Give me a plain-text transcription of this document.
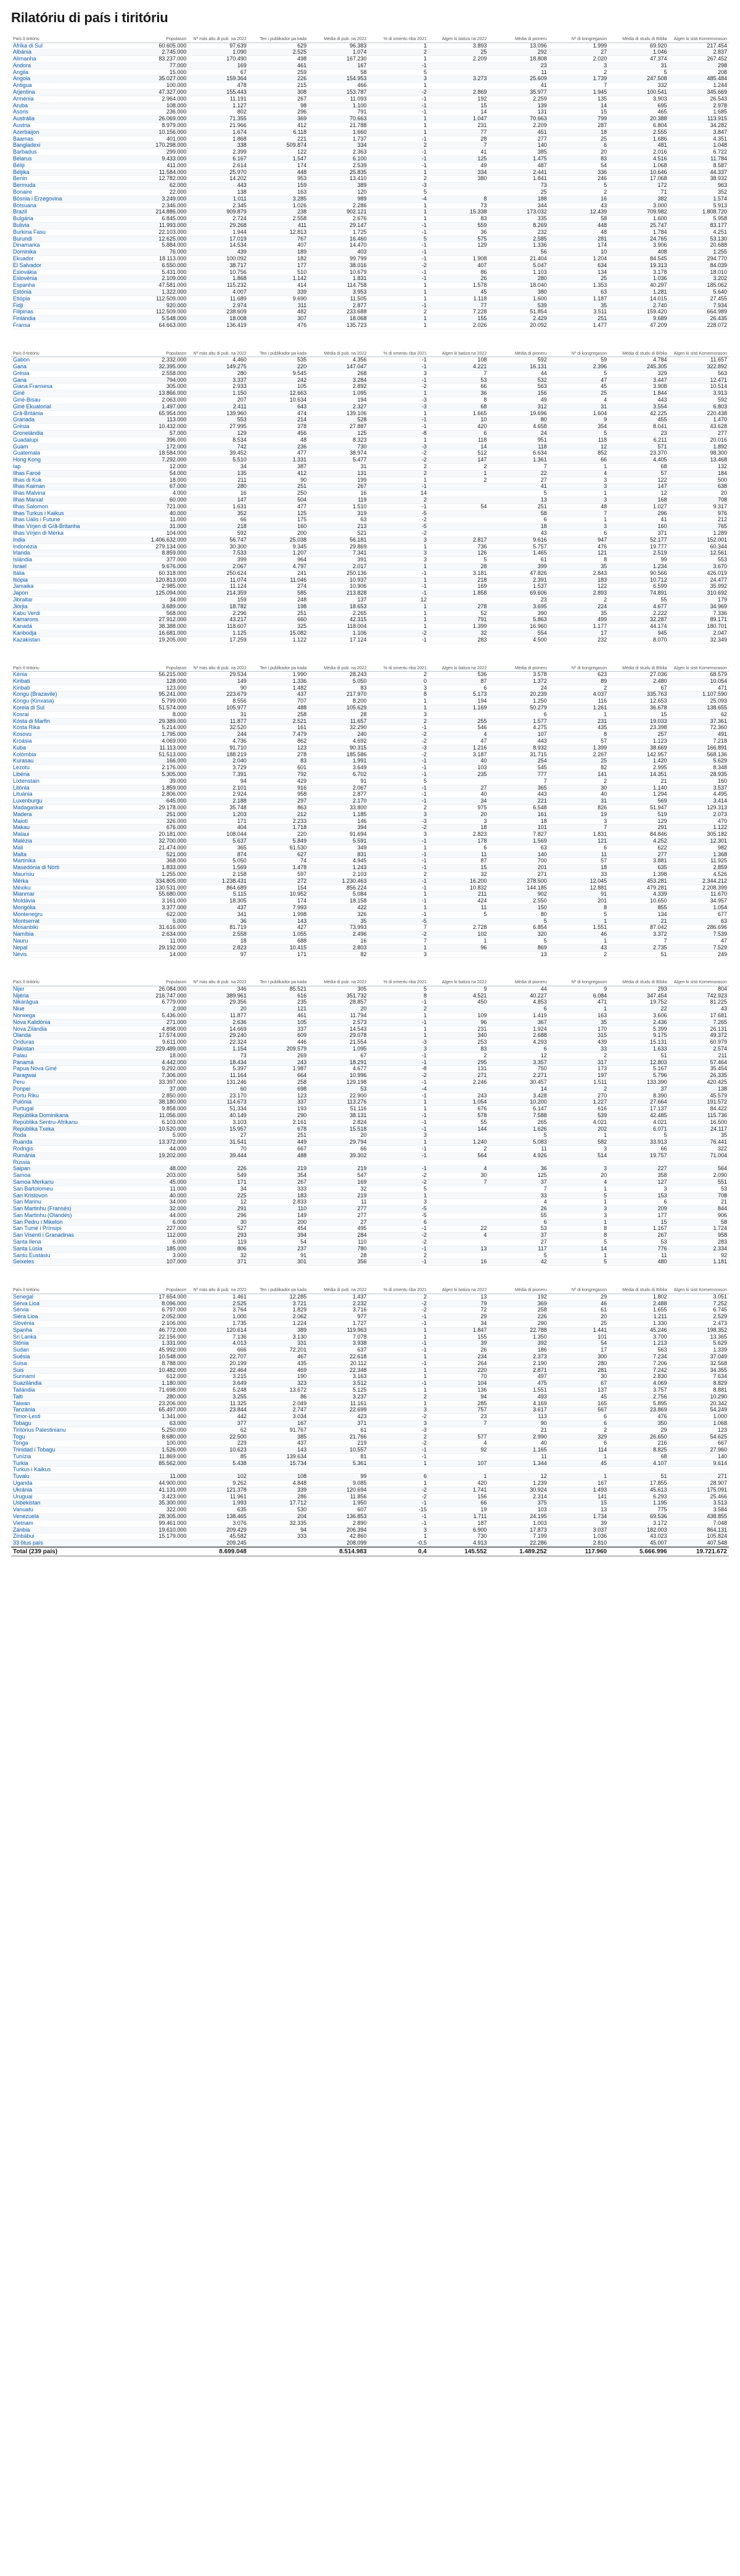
Rilatóriu di país i tiritóriu
País ô tiritóriu	Populason	Nº más altu di pub. na 2022	Ten i publikador pa kada	Média di pub. na 2022	% di omentu riba 2021	Algen ki batiza na 2022	Média di pioneru	Nº di kongregason	Média di studu di Bíblia	Algen ki sisti Komemorason
Áfrika di Sul	60.605.000	97.639	629	96.383	1	3.893	13.096	1.999	69.920	217.454
Albánia	2.745.000	1.090	2.525	1.074	2	25	292	27	1.046	2.837
Alimanha	83.237.000	170.490	498	167.230	1	2.209	18.808	2.020	47.374	267.452
Andora	77.000	169	461	167	-1		23	3	31	298
Angila	15.000	67	259	58	5		11	2	5	208
Angola	35.027.000	159.364	226	154.953	3	3.273	25.609	1.739	247.508	485.484
Antigua	100.000	478	215	466	1		41	7	332	1.244
Arjentina	47.327.000	155.443	308	153.787	-2	2.869	35.977	1.945	100.541	345.669
Arménia	2.964.000	11.191	267	11.093	-1	192	2.259	135	3.903	26.543
Aruba	108.000	1.127	98	1.100	-1	15	139	14	695	2.978
Asoris	236.000	802	296	791	-1	14	131	15	465	1.685
Austrália	26.069.000	71.355	369	70.663	1	1.047	70.663	799	20.388	113.915
Áustria	8.979.000	21.966	412	21.788	1	231	2.209	287	6.804	34.282
Azerbaijon	10.156.000	1.674	6.118	1.660	1	77	451	18	2.555	3.847
Baamas	401.000	1.868	221	1.737	-1	28	277	25	1.686	4.351
Bangladexi	170.298.000	338	509.874	334	2	7	140	6	481	1.048
Barbadus	299.000	2.399	122	2.363	-1	41	385	20	2.016	6.722
Belarus	9.433.000	6.167	1.547	6.100	-1	125	1.475	83	4.516	11.784
Béliji	411.000	2.614	174	2.539	-1	49	487	54	1.068	8.587
Béljika	11.584.000	25.970	448	25.835	1	334	2.441	336	10.646	44.337
Benin	12.782.000	14.202	953	13.410	2	380	1.841	246	17.068	38.932
Bermuda	62.000	443	159	389	-3		73	5	172	963
Bonaire	22.000	138	163	120	5		25	2	71	352
Bósnia i Erzegovina	3.249.000	1.011	3.285	989	-4	8	188	16	382	1.574
Botsuana	2.346.000	2.345	1.026	2.286	1	73	344	43	3.000	5.913
Brazil	214.886.000	909.879	238	902.121	1	15.338	173.032	12.439	709.982	1.808.720
Bulgária	6.845.000	2.724	2.558	2.676	1	83	335	58	1.600	5.958
Bulivia	11.993.000	29.268	411	29.147	-1	559	8.269	448	25.747	83.177
Burkina Fasu	22.103.000	1.944	12.813	1.725	-1	36	232	48	1.784	4.251
Burundi	12.625.000	17.019	767	16.460	5	575	2.585	281	24.765	53.130
Dinamarka	5.884.000	14.534	407	14.470	-1	129	1.336	174	3.906	20.688
Dominika	76.000	439	189	403	-1		56	10	408	1.255
Ekuador	18.113.000	100.092	182	99.799	-1	1.908	21.404	1.204	84.545	294.770
El Salvador	6.550.000	38.717	177	38.016	-2	407	5.047	634	19.313	84.039
Eslovákia	5.431.000	10.756	510	10.679	-1	86	1.103	134	3.178	18.010
Eslovénia	2.109.000	1.868	1.142	1.831	-1	26	280	25	1.036	3.202
Espanha	47.581.000	115.232	414	114.758	1	1.578	18.040	1.353	40.297	185.062
Estónia	1.322.000	4.007	339	3.953	1	45	380	63	1.281	5.640
Etiópia	112.509.000	11.689	9.690	11.505	1	1.118	1.600	1.187	14.015	27.455
Fidji	920.000	2.974	311	2.877	-1	77	539	35	2.740	7.934
Filipinas	112.509.000	238.609	482	233.688	2	7.228	51.854	3.511	159.420	664.989
Finlándia	5.548.000	18.008	307	18.068	1	155	2.429	251	9.689	26.435
Fransa	64.663.000	136.419	476	135.723	1	2.026	20.092	1.477	47.209	228.072
País ô tiritóriu	Populason	Nº más altu di pub. na 2022	Ten i publikador pa kada	Média di pub. na 2022	% di omentu riba 2021	Algen ki batiza na 2022	Média di pioneru	Nº di kongregason	Média di studu di Bíblia	Algen ki sisti Komemorason
Gabon	2.332.000	4.460	535	4.356	-1	108	592	59	4.784	11.657
Gana	32.395.000	149.275	220	147.047	-1	4.221	16.131	2.396	245.305	322.892
Grésia	2.558.000	280	9.545	268	3	7	44	5	329	563
Gana	794.000	3.337	242	3.284	-1	53	532	47	3.447	12.471
Giana Fransesa	305.000	2.933	105	2.892	-2	66	563	45	3.908	10.514
Giné	13.866.000	1.150	12.663	1.095	1	36	156	25	1.844	3.913
Giné-Bisau	2.063.000	207	10.634	194	-3	8	49	4	443	592
Giné Ekuatorial	1.497.000	2.411	643	2.327	-3	68	312	31	3.554	6.803
Grã-Británia	65.954.000	139.960	474	139.106	1	1.665	19.696	1.604	42.225	220.438
Granada	113.000	553	214	528	-1	10	80	9	455	1.470
Grésia	10.432.000	27.995	378	27.887	-1	420	4.658	354	8.041	43.628
Gronelándia	57.000	129	456	125	-8	6	24	5	23	277
Guadalupi	396.000	8.534	48	8.323	1	118	951	118	6.211	20.016
Guam	172.000	742	236	730	-3	14	118	12	571	1.892
Guatemala	18.584.000	39.452	477	38.974	-2	512	6.634	852	23.370	98.300
Hong Kong	7.292.000	5.510	1.331	5.477	-2	147	1.361	66	4.405	13.468
Iap	12.000	34	387	31	2	2	7	1	68	132
Ilhas Faroé	54.000	135	412	131	2	1	22	4	57	184
Ilhas di Kuk	18.000	211	90	199	1	2	27	3	122	500
Ilhas Kaiman	67.000	280	251	267	-1		41	3	147	638
Ilhas Malvina	4.000	16	250	16	14		5	1	12	20
Ilhas Marxal	60.000	147	504	119	2		13	3	168	708
Ilhas Salomon	721.000	1.631	477	1.510	-1	54	251	48	1.027	9.317
Ilhas Turkus i Kaikus	40.000	352	125	319	-5		58	7	296	976
Ilhas Uális i Futune	11.000	66	175	63	-2		6	1	41	212
Ilhas Vírjen di Grã-Britanha	31.000	218	160	213	-5		18	3	160	765
Ilhas Vírjen di Mérka	104.000	592	200	521	-2		43	6	371	1.289
Índia	1.406.632.000	56.747	25.038	56.181	3	2.817	9.616	947	52.177	152.001
Indonézia	279.134.000	30.300	9.345	29.869	1	736	5.757	476	19.777	60.344
Irlanda	8.859.000	7.533	1.207	7.341	3	126	1.465	121	2.519	12.561
Islándia	377.000	399	964	391	3	5	61	8	99	553
Israel	9.676.000	2.067	4.797	2.017	1	28	399	35	1.234	3.670
Itália	60.318.000	250.624	241	250.136	-1	3.181	47.826	2.843	90.566	426.019
Itiópia	120.813.000	11.074	11.046	10.937	1	218	2.391	183	10.712	24.477
Jamaika	2.985.000	11.124	274	10.906	-1	169	1.537	122	6.599	35.992
Japon	125.094.000	214.359	585	213.828	-1	1.858	69.606	2.893	74.891	310.692
Jibraltar	34.000	159	248	137	12		23	2	55	179
Jiórjia	3.689.000	18.782	198	18.653	1	278	3.695	224	4.677	34.969
Kabu Verdi	568.000	2.296	251	2.265	1	52	390	35	2.222	7.336
Kamarons	27.912.000	43.217	660	42.315	1	791	5.863	499	32.287	89.171
Kanadá	38.388.000	118.607	325	118.004	1	1.399	16.960	1.177	44.174	180.701
Kanbodja	16.681.000	1.125	15.082	1.106	-2	32	554	17	945	2.047
Kazakistan	19.205.000	17.259	1.122	17.124	-1	283	4.500	232	8.070	32.349
País ô tiritóriu	Populason	Nº más altu di pub. na 2022	Ten i publikador pa kada	Média di pub. na 2022	% di omentu riba 2021	Algen ki batiza na 2022	Média di pioneru	Nº di kongregason	Média di studu di Bíblia	Algen ki sisti Komemorason
Kénia	56.215.000	29.534	1.990	28.243	2	536	3.578	623	27.036	68.579
Kiribati	128.000	149	1.336	5.050	0	87	1.372	89	2.480	10.054
Kiribati	123.000	90	1.482	83	3	6	24	2	67	471
Kongu (Brazavile)	95.241.000	223.679	437	217.970	8	5.173	20.239	4.037	335.763	1.107.590
Kongu (Kinxasa)	5.799.000	8.556	707	8.200	1	194	1.250	116	12.653	25.093
Koreia di Sul	51.574.000	105.977	488	105.629	1	1.169	50.279	1.261	36.678	138.655
Kosrai	8.000	31	258	28	3		6	1	15	62
Kósta di Marfin	29.389.000	11.877	2.521	11.657	2	255	1.577	231	19.033	37.361
Kósta Rika	5.214.000	32.520	161	32.290	-1	546	4.275	435	23.398	72.360
Kosovu	1.795.000	244	7.479	240	-2	4	107	8	257	491
Kroásia	4.069.000	4.736	862	4.692	-2	47	443	57	1.123	7.218
Kuba	11.113.000	91.710	123	90.315	-3	1.216	8.932	1.399	38.669	166.891
Kolómbia	51.513.000	188.219	278	185.586	-2	3.187	31.715	2.267	142.957	568.136
Kurasau	166.000	2.040	83	1.991	-1	40	254	25	1.420	5.629
Lezotu	2.176.000	3.729	601	3.649	-1	103	545	82	2.995	8.348
Libéria	5.305.000	7.391	792	6.702	-1	235	777	141	14.351	28.935
Lixtenstain	39.000	94	429	91	5		7	2	21	160
Litónia	1.859.000	2.101	916	2.067	-1	27	365	30	1.140	3.537
Lituánia	2.806.000	2.924	958	2.877	-1	40	443	40	1.294	4.495
Luxenburgu	645.000	2.188	297	2.170	-1	34	221	31	569	3.414
Madagaskar	29.178.000	35.748	863	33.800	2	975	6.548	826	51.947	129.313
Madera	251.000	1.203	212	1.185	3	20	161	19	519	2.073
Maioti	326.000	171	2.233	146	-3	3	18	3	129	470
Makau	676.000	404	1.718	394	-2	18	101	7	291	1.122
Malaui	20.181.000	108.044	220	91.694	3	2.823	7.827	1.831	84.846	305.182
Malézia	32.700.000	5.637	5.849	5.591	-1	178	1.569	121	4.252	12.301
Mali	21.474.000	365	61.530	349	1	6	63	6	622	982
Malta	521.000	874	627	831	-1	11	140	11	277	1.368
Martinika	368.000	5.050	74	4.945	-1	87	700	57	3.881	11.925
Masedónia di Nórti	1.833.000	1.569	1.478	1.243	-1	15	201	18	635	2.859
Maurísiu	1.255.000	2.158	597	2.103	2	32	271	33	1.398	4.526
Mérka	334.805.000	1.238.431	272	1.230.463	-1	16.200	278.500	12.045	453.281	2.344.212
Méxiku	130.531.000	864.689	154	856.224	-1	10.832	144.185	12.881	479.281	2.208.399
Mianmar	55.680.000	5.115	10.952	5.084	1	211	902	91	4.339	11.670
Moldávia	3.161.000	18.305	174	18.158	-1	424	2.550	201	10.650	34.957
Mongólia	3.377.000	437	7.993	422	1	11	150	8	855	1.054
Montenegru	622.000	341	1.998	326	-1	5	80	5	134	677
Montserrat	5.000	36	143	35	-5		5	1	21	63
Mosanbiki	31.616.000	81.719	427	73.993	7	2.728	6.854	1.551	87.042	286.696
Namíbia	2.634.000	2.558	1.055	2.496	-2	102	320	46	3.372	7.539
Nauru	11.000	18	688	16	7	1	5	1	7	47
Nepal	29.192.000	2.823	10.415	2.803	1	96	869	43	2.735	7.529
Névis	14.000	97	171	82	3		13	2	51	249
País ô tiritóriu	Populason	Nº más altu di pub. na 2022	Ten i publikador pa kada	Média di pub. na 2022	% di omentu riba 2021	Algen ki batiza na 2022	Média di pioneru	Nº di kongregason	Média di studu di Bíblia	Algen ki sisti Komemorason
Nijer	26.084.000	346	85.521	305	5	9	44	9	293	804
Nijéria	216.747.000	389.961	616	351.732	8	4.521	40.227	6.084	347.454	742.923
Nikarágua	6.779.000	29.356	235	28.857	-1	450	4.853	471	19.752	81.225
Niue	2.000	20	121	20	2		6	1	22	43
Norwega	5.436.000	11.877	461	11.794	1	109	1.419	163	3.606	17.681
Nova Kalidónia	271.000	2.636	105	2.573	-1	96	367	35	2.436	7.265
Nova Zilándia	4.898.000	14.669	337	14.543	1	231	1.924	170	5.399	26.131
Ólanda	17.574.000	29.240	609	29.078	1	340	2.688	315	9.175	49.372
Onduras	9.611.000	22.324	446	21.554	-3	253	4.293	439	15.131	60.979
Pakistan	229.489.000	1.154	209.579	1.095	3	83	6	33	1.633	2.574
Palau	18.000	73	269	67	-1	2	12	2	51	211
Panamá	4.442.000	18.434	243	18.291	-1	295	3.357	317	12.803	57.464
Papua Nova Giné	9.292.000	5.397	1.987	4.677	-8	131	750	173	5.167	35.454
Paragwai	7.306.000	11.164	664	10.996	-2	271	2.271	197	5.796	26.335
Peru	33.397.000	131.246	258	129.198	-1	2.246	30.457	1.511	133.390	420.425
Ponpei	37.000	60	698	53	-4		14	2	37	138
Portu Riku	2.850.000	23.170	123	22.900	-1	243	3.428	270	8.390	45.579
Pulónia	38.180.000	114.673	337	113.276	1	1.054	10.200	1.227	27.664	191.572
Purtugal	9.858.000	51.334	193	51.116	1	676	6.147	616	17.137	84.422
Repúblika Dominikana	11.056.000	40.149	290	38.131	-1	578	7.588	539	42.485	115.736
Repúblika Sentru-Afrikanu	6.103.000	3.103	2.161	2.824	-1	55	265	4.021	4.021	16.500
Repúblika Txeka	10.520.000	15.957	678	15.518	-1	144	1.626	202	6.071	24.117
Roda	5.000	27	251	20	3		5	1	5	35
Ruanda	13.372.000	31.541	449	29.794	1	1.240	5.083	582	33.913	76.441
Rodrigis	44.000	70	667	66	-1	2	11	3	66	322
Rumánia	19.202.000	39.444	488	39.302	-1	564	4.926	514	19.757	71.004
Rússia										
Saipan	48.000	226	219	219	-1	4	36	3	227	564
Samoa	203.000	549	354	547	-2	30	125	20	358	2.090
Samoa Merkanu	45.000	171	267	169	-2	7	37	4	127	551
San Bartolomeu	11.000	34	333	32	5		7	1	3	53
San Kristovon	40.000	225	183	219	1		33	5	153	708
San Marinu	34.000	12	2.833	11	3		4	1	6	21
San Martinhu (Fransés)	32.000	291	110	277	-5		26	3	209	844
San Martinhu (Olandés)	44.000	296	149	277	-5		55	3	177	906
San Pedru i Mikelon	6.000	30	200	27	6		6	1	15	58
San Tumé i Prínsipi	227.000	527	454	495	-1	22	53	8	1.167	1.724
San Visenti i Granadinas	112.000	293	394	284	-2	4	37	8	267	958
Santa Ilena	6.000	119	54	110	-2		27	5	53	283
Santa Lúsia	185.000	806	237	780	-1	13	117	14	776	2.334
Santu Eustásiu	3.000	32	91	28	2		5	1	11	92
Seixeles	107.000	371	301	356	-1	16	42	5	480	1.181
País ô tiritóriu	Populason	Nº más altu di pub. na 2022	Ten i publikador pa kada	Média di pub. na 2022	% di omentu riba 2021	Algen ki batiza na 2022	Média di pioneru	Nº di kongregason	Média di studu di Bíblia	Algen ki sisti Komemorason
Senegal	17.654.000	1.461	12.285	1.437	2	13	192	29	1.802	3.051
Sérva Lioa	8.096.000	2.525	3.721	2.232	-2	79	369	46	2.488	7.252
Sérvia	6.797.000	3.764	1.829	3.716	-2	72	258	61	1.655	6.745
Siéra Lioa	2.052.000	1.000	2.062	977	-1	29	226	20	1.211	2.529
Slovénia	2.106.000	1.735	1.224	1.727	-1	34	290	25	1.330	2.473
Spanha	46.772.000	120.614	389	119.963	1	1.847	22.788	1.441	45.246	198.352
Sri Lanka	22.156.000	7.136	3.130	7.078	1	155	1.350	101	3.700	13.365
Stónia	1.331.000	4.013	331	3.938	-1	39	392	54	1.213	5.629
Sudan	45.992.000	666	72.201	637	-1	26	186	17	563	1.339
Suésia	10.548.000	22.707	467	22.618	1	234	2.373	300	7.234	37.049
Suisa	8.788.000	20.199	435	20.112	-1	264	2.190	280	7.206	32.568
Suis	10.482.000	22.464	469	22.348	1	220	2.871	281	7.242	34.355
Surinami	612.000	3.215	190	3.163	1	70	497	30	2.830	7.634
Suazilándia	1.180.000	3.649	323	3.512	-1	104	475	67	4.069	8.829
Tailándia	71.698.000	5.248	13.672	5.125	1	136	1.551	137	3.757	8.881
Taiti	280.000	3.255	86	3.237	2	94	493	45	2.756	10.290
Taiwan	23.206.000	11.325	2.049	11.161	1	285	4.169	165	5.895	20.342
Tanzánia	65.497.000	23.844	2.747	22.699	3	757	3.617	567	23.869	54.249
Timor-Lesti	1.341.000	442	3.034	423	-2	23	113	6	476	1.000
Tobagu	63.000	377	167	371	3	7	90	6	350	1.068
Tiritórius Palestinianu	5.250.000	62	91.767	61	-3		21	2	29	123
Togu	8.680.000	22.500	385	21.766	2	577	2.990	329	26.650	54.625
Tonga	100.000	229	437	219	-2	4	40	6	216	667
Trinidad i Tobagu	1.526.000	10.623	143	10.557	-1	92	1.165	114	8.825	27.960
Tunízia	11.869.000	85	139.634	81	-1		11	1	68	140
Turkia	85.562.000	5.438	15.734	5.361	1	107	1.344	45	4.107	9.614
Turkus i Kaikus										
Tuvalu	11.000	102	108	99	6	1	12	1	51	271
Uganda	44.900.000	9.262	4.848	9.085	1	420	1.239	167	17.855	28.907
Ukránia	41.131.000	121.378	339	120.694	-2	1.741	30.924	1.493	45.613	175.091
Uruguai	3.423.000	11.961	286	11.856	-2	156	2.314	141	6.293	25.466
Usbekistan	35.300.000	1.993	17.712	1.950	-1	66	375	15	1.195	3.513
Vanuatu	322.000	635	530	607	-15	19	103	13	775	3.584
Venezuela	28.305.000	138.465	204	136.853	-1	1.711	24.195	1.734	69.536	438.855
Vietnam	99.461.000	3.076	32.335	2.890	-1	187	1.003	39	3.172	7.048
Zánbia	19.610.000	209.429	94	206.394	3	6.900	17.873	3.037	182.003	864.131
Zinbábui	15.179.000	45.582	333	42.860	1	730	7.199	1.036	43.023	105.824
33 ôtus país		209.245		208.099	-0,5	4.913	22.286	2.810	45.007	407.548
Total (239 país)		8.699.048		8.514.983	0,4	145.552	1.489.252	117.960	5.666.996	19.721.672
